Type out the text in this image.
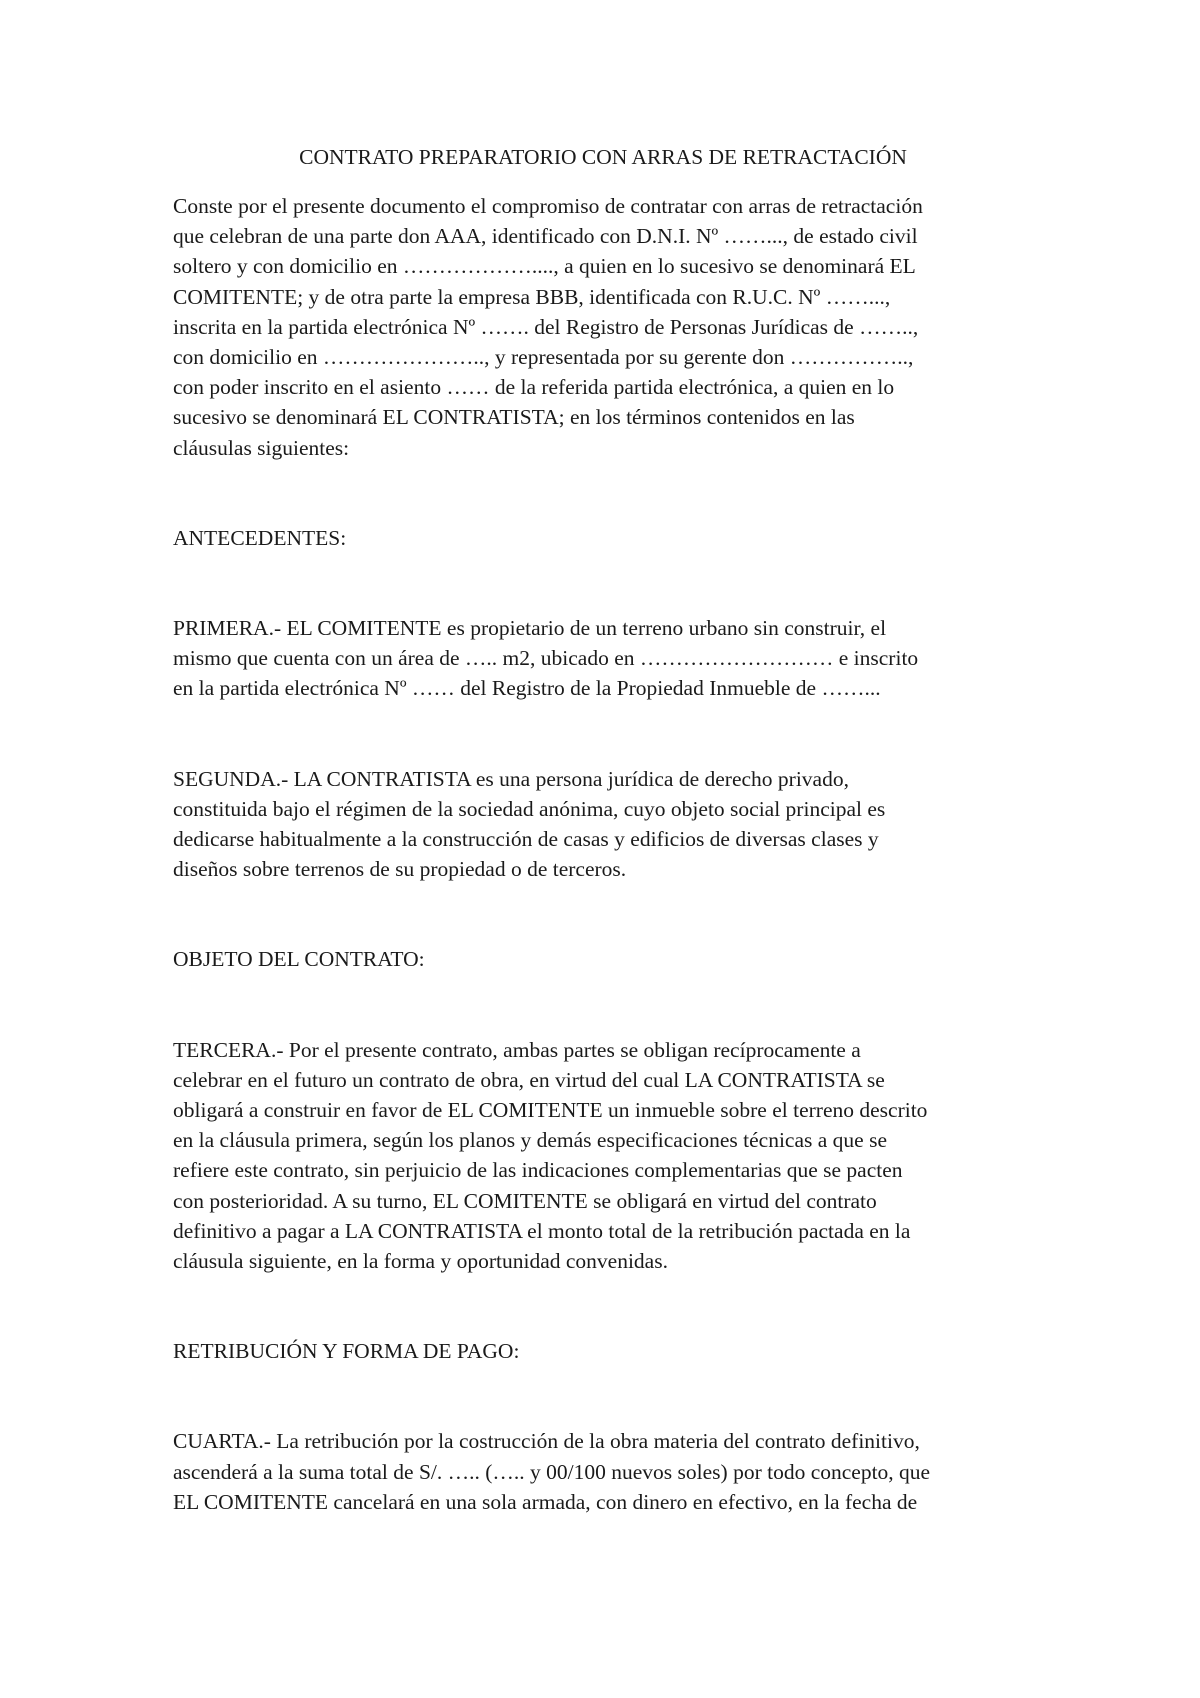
CONTRATO PREPARATORIO CON ARRAS DE RETRACTACIÓN
Conste por el presente documento el compromiso de contratar con arras de retractación
que celebran de una parte don AAA, identificado con D.N.I. Nº ……..., de estado civil
soltero y con domicilio en ………………...., a quien en lo sucesivo se denominará EL
COMITENTE; y de otra parte la empresa BBB, identificada con R.U.C. Nº ……...,
inscrita en la partida electrónica Nº ……. del Registro de Personas Jurídicas de ……..,
con domicilio en ………………….., y representada por su gerente don ……………..,
con poder inscrito en el asiento …… de la referida partida electrónica, a quien en lo
sucesivo se denominará EL CONTRATISTA; en los términos contenidos en las
cláusulas siguientes:
ANTECEDENTES:
PRIMERA.- EL COMITENTE es propietario de un terreno urbano sin construir, el
mismo que cuenta con un área de ….. m2, ubicado en ……………………… e inscrito
en la partida electrónica Nº …… del Registro de la Propiedad Inmueble de ……...
SEGUNDA.- LA CONTRATISTA es una persona jurídica de derecho privado,
constituida bajo el régimen de la sociedad anónima, cuyo objeto social principal es
dedicarse habitualmente a la construcción de casas y edificios de diversas clases y
diseños sobre terrenos de su propiedad o de terceros.
OBJETO DEL CONTRATO:
TERCERA.- Por el presente contrato, ambas partes se obligan recíprocamente a
celebrar en el futuro un contrato de obra, en virtud del cual LA CONTRATISTA se
obligará a construir en favor de EL COMITENTE un inmueble sobre el terreno descrito
en la cláusula primera, según los planos y demás especificaciones técnicas a que se
refiere este contrato, sin perjuicio de las indicaciones complementarias que se pacten
con posterioridad. A su turno, EL COMITENTE se obligará en virtud del contrato
definitivo a pagar a LA CONTRATISTA el monto total de la retribución pactada en la
cláusula siguiente, en la forma y oportunidad convenidas.
RETRIBUCIÓN Y FORMA DE PAGO:
CUARTA.- La retribución por la costrucción de la obra materia del contrato definitivo,
ascenderá a la suma total de S/. ….. (….. y 00/100 nuevos soles) por todo concepto, que
EL COMITENTE cancelará en una sola armada, con dinero en efectivo, en la fecha de
